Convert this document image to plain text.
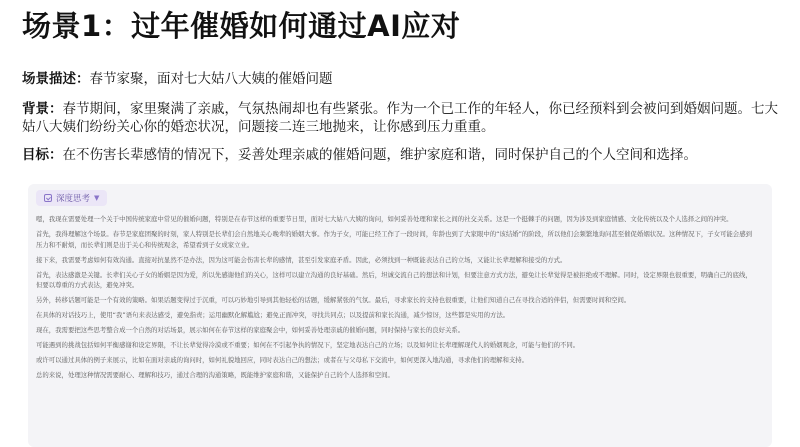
场景1：过年催婚如何通过AI应对
场景描述：春节家聚，面对七大姑八大姨的催婚问题
背景：春节期间，家里聚满了亲戚，气氛热闹却也有些紧张。作为一个已工作的年轻人，你已经预料到会被问到婚姻问题。七大姑八大姨们纷纷关心你的婚恋状况，问题接二连三地抛来，让你感到压力重重。
目标：在不伤害长辈感情的情况下，妥善处理亲戚的催婚问题，维护家庭和谐，同时保护自己的个人空间和选择。
深度思考 ▼

嗯，我现在需要处理一个关于中国传统家庭中常见的催婚问题，特别是在春节这样的重要节日里，面对七大姑八大姨的询问，如何妥善处理和家长之间的社交关系。这是一个挺棘手的问题，因为涉及到家庭情感、文化传统以及个人选择之间的冲突。

首先，我得理解这个场景。春节是家庭团聚的时刻，家人特别是长辈们会自然地关心晚辈的婚姻大事。作为子女，可能已经工作了一段时间，年龄也到了大家眼中的“该结婚”的阶段，所以他们会频繁地询问甚至催促婚姻状况。这种情况下，子女可能会感到压力和不耐烦，而长辈们则是出于关心和传统观念，希望看到子女成家立业。

接下来，我需要考虑如何有效沟通。直接对抗显然不是办法，因为这可能会伤害长辈的感情，甚至引发家庭矛盾。因此，必须找到一种既能表达自己的立场，又能让长辈理解和接受的方式。

首先，表达感激是关键。长辈们关心子女的婚姻是因为爱，所以先感谢他们的关心，这样可以建立沟通的良好基础。然后，坦诚交流自己的想法和计划，但要注意方式方法，避免让长辈觉得是被拒绝或不理解。同时，设定界限也很重要，明确自己的底线，但要以尊重的方式表达，避免冲突。

另外，转移话题可能是一个有效的策略。如果话题变得过于沉重，可以巧妙地引导到其他轻松的话题，缓解紧张的气氛。最后，寻求家长的支持也很重要，让他们知道自己在寻找合适的伴侣，但需要时间和空间。

在具体的对话技巧上，使用“我”语句来表达感受，避免指责；运用幽默化解尴尬；避免正面冲突，寻找共同点；以及提前和家长沟通，减少惊讶，这些都是实用的方法。

现在，我需要把这些思考整合成一个自然的对话场景，展示如何在春节这样的家庭聚会中，如何妥善处理亲戚的催婚问题，同时保持与家长的良好关系。

可能遇到的挑战包括如何平衡感谢和设定界限，不让长辈觉得冷漠或不重要；如何在不引起争执的情况下，坚定地表达自己的立场；以及如何让长辈理解现代人的婚姻观念，可能与他们的不同。

或许可以通过具体的例子来展示，比如在面对亲戚的询问时，如何礼貌地回应，同时表达自己的想法；或者在与父母私下交流中，如何更深入地沟通，寻求他们的理解和支持。

总的来说，处理这种情况需要耐心、理解和技巧，通过合理的沟通策略，既能维护家庭和谐，又能保护自己的个人选择和空间。
